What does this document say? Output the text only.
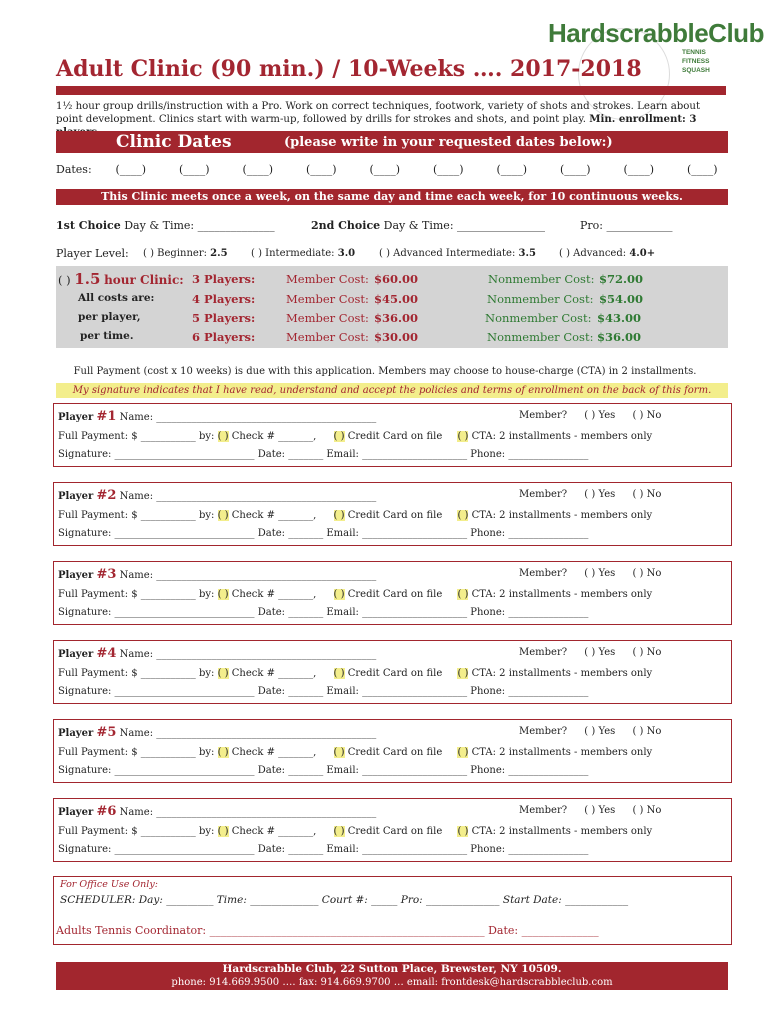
HardscrabbleClub
TENNIS
FITNESS
SQUASH
Adult Clinic (90 min.) / 10-Weeks …. 2017-2018
1½ hour group drills/instruction with a Pro. Work on correct techniques, footwork, variety of shots and strokes. Learn about point development. Clinics start with warm-up, followed by drills for strokes and shots, and point play. Min. enrollment: 3
Clinic Dates	(please write in your requested dates below:)
Dates: (____)	(____)	(____)	(____)	(____)	(____)	(____)	(____)	(____)	(____)
This Clinic meets once a week, on the same day and time each week, for 10 continuous weeks.
1st Choice Day & Time: ______________	2nd Choice Day & Time: ________________	Pro: ____________
Player Level: ( ) Beginner: 2.5 ( ) Intermediate: 3.0 ( ) Advanced Intermediate: 3.5 ( ) Advanced: 4.0+
( ) 1.5 hour Clinic:
All costs are:
per player,
per time.
3 Players:	Member Cost: $60.00	Nonmember Cost: $72.00
4 Players:	Member Cost: $45.00	Nonmember Cost: $54.00
5 Players:	Member Cost: $36.00	Nonmember Cost: $43.00
6 Players:	Member Cost: $30.00	Nonmember Cost: $36.00
Full Payment (cost x 10 weeks) is due with this application. Members may choose to house-charge (CTA) in 2 installments.
My signature indicates that I have read, understand and accept the policies and terms of enrollment on the back of this form.
Player #1 Name: ____________________________________________	Member? ( ) Yes ( ) No
Full Payment: $ ___________ by: ( ) Check # _______, ( ) Credit Card on file ( ) CTA: 2 installments - members only
Signature: ____________________________ Date: _______ Email: _____________________ Phone: ________________
Player #2 Name: ____________________________________________	Member? ( ) Yes ( ) No
Full Payment: $ ___________ by: ( ) Check # _______, ( ) Credit Card on file ( ) CTA: 2 installments - members only
Signature: ____________________________ Date: _______ Email: _____________________ Phone: ________________
Player #3 Name: ____________________________________________	Member? ( ) Yes ( ) No
Full Payment: $ ___________ by: ( ) Check # _______, ( ) Credit Card on file ( ) CTA: 2 installments - members only
Signature: ____________________________ Date: _______ Email: _____________________ Phone: ________________
Player #4 Name: ____________________________________________	Member? ( ) Yes ( ) No
Full Payment: $ ___________ by: ( ) Check # _______, ( ) Credit Card on file ( ) CTA: 2 installments - members only
Signature: ____________________________ Date: _______ Email: _____________________ Phone: ________________
Player #5 Name: ____________________________________________	Member? ( ) Yes ( ) No
Full Payment: $ ___________ by: ( ) Check # _______, ( ) Credit Card on file ( ) CTA: 2 installments - members only
Signature: ____________________________ Date: _______ Email: _____________________ Phone: ________________
Player #6 Name: ____________________________________________	Member? ( ) Yes ( ) No
Full Payment: $ ___________ by: ( ) Check # _______, ( ) Credit Card on file ( ) CTA: 2 installments - members only
Signature: ____________________________ Date: _______ Email: _____________________ Phone: ________________
For Office Use Only:
SCHEDULER: Day: _________ Time: _____________ Court #: _____ Pro: ______________ Start Date: ____________
Adults Tennis Coordinator: __________________________________________________ Date: ______________
Hardscrabble Club, 22 Sutton Place, Brewster, NY 10509.
phone: 914.669.9500 …. fax: 914.669.9700 … email: frontdesk@hardscrabbleclub.com
